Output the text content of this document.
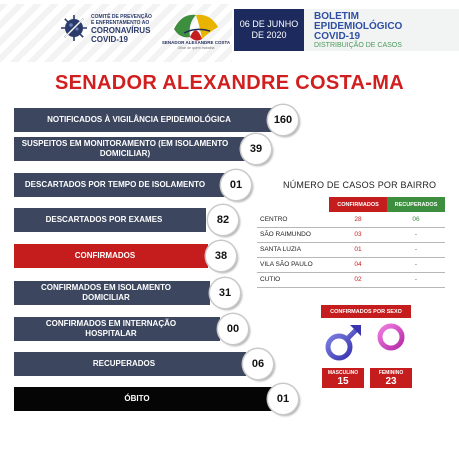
COMITÊ DE PREVENÇÃO
E ENFRENTAMENTO AO
CORONAVÍRUS
COVID-19	SENADOR ALEXANDRE COSTA
Olhar de quem trabalha
06 DE JUNHO
DE 2020
BOLETIM
EPIDEMIOLÓGICO
COVID-19
DISTRIBUIÇÃO DE CASOS
SENADOR ALEXANDRE COSTA-MA
NOTIFICADOS À VIGILÂNCIA EPIDEMIOLÓGICA	160
SUSPEITOS EM MONITORAMENTO (EM ISOLAMENTO DOMICILIAR)	39
DESCARTADOS POR TEMPO DE ISOLAMENTO	01
DESCARTADOS POR EXAMES	82
CONFIRMADOS	38
CONFIRMADOS EM ISOLAMENTO DOMICILIAR	31
CONFIRMADOS EM INTERNAÇÃO HOSPITALAR	00
RECUPERADOS	06
ÓBITO	01
NÚMERO DE CASOS POR BAIRRO
	CONFIRMADOS	RECUPERADOS
CENTRO	28	06
SÃO RAIMUNDO	03	-
SANTA LUZIA	01	-
VILA SÃO PAULO	04	-
CUTIO	02	-
CONFIRMADOS POR SEXO
MASCULINO
15
FEMININO
23
